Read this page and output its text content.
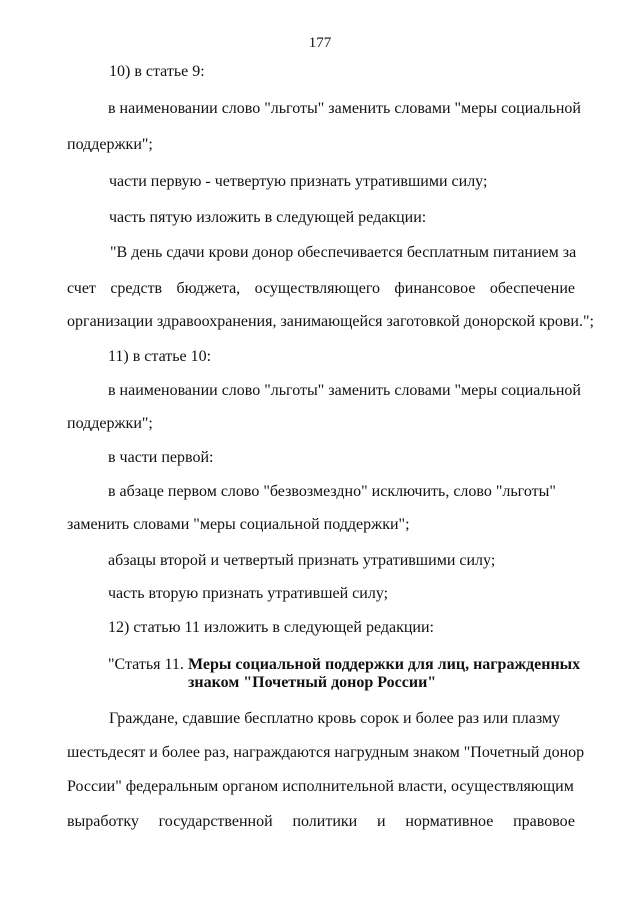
177
10) в статье 9:
в наименовании слово "льготы" заменить словами "меры социальной
поддержки";
части первую - четвертую признать утратившими силу;
часть пятую изложить в следующей редакции:
"В день сдачи крови донор обеспечивается бесплатным питанием за
счет средств бюджета, осуществляющего финансовое обеспечение
организации здравоохранения, занимающейся заготовкой донорской крови.";
11) в статье 10:
в наименовании слово "льготы" заменить словами "меры социальной
поддержки";
в части первой:
в абзаце первом слово "безвозмездно" исключить, слово "льготы"
заменить словами "меры социальной поддержки";
абзацы второй и четвертый признать утратившими силу;
часть вторую признать утратившей силу;
12) статью 11 изложить в следующей редакции:
"Статья 11. Меры социальной поддержки для лиц, награжденных
знаком "Почетный донор России"
Граждане, сдавшие бесплатно кровь сорок и более раз или плазму
шестьдесят и более раз, награждаются нагрудным знаком "Почетный донор
России" федеральным органом исполнительной власти, осуществляющим
выработку государственной политики и нормативное правовое
